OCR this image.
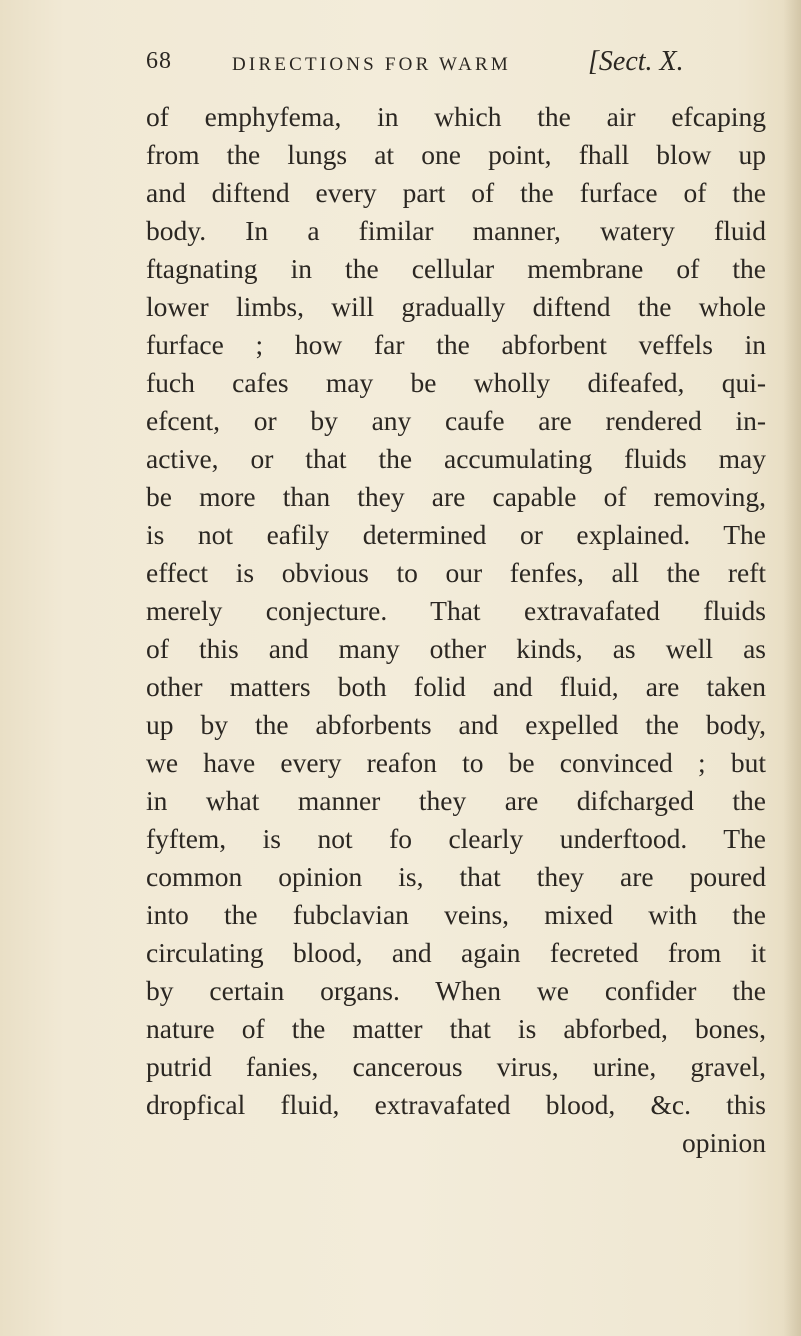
68	DIRECTIONS FOR WARM	[Sect. X.
of emphyfema, in which the air efcaping
from the lungs at one point, fhall blow up
and diftend every part of the furface of the
body. In a fimilar manner, watery fluid
ftagnating in the cellular membrane of the
lower limbs, will gradually diftend the whole
furface ; how far the abforbent veffels in
fuch cafes may be wholly difeafed, qui-
efcent, or by any caufe are rendered in-
active, or that the accumulating fluids may
be more than they are capable of removing,
is not eafily determined or explained. The
effect is obvious to our fenfes, all the reft
merely conjecture. That extravafated fluids
of this and many other kinds, as well as
other matters both folid and fluid, are taken
up by the abforbents and expelled the body,
we have every reafon to be convinced ; but
in what manner they are difcharged the
fyftem, is not fo clearly underftood. The
common opinion is, that they are poured
into the fubclavian veins, mixed with the
circulating blood, and again fecreted from it
by certain organs. When we confider the
nature of the matter that is abforbed, bones,
putrid fanies, cancerous virus, urine, gravel,
dropfical fluid, extravafated blood, &c. this
opinion
